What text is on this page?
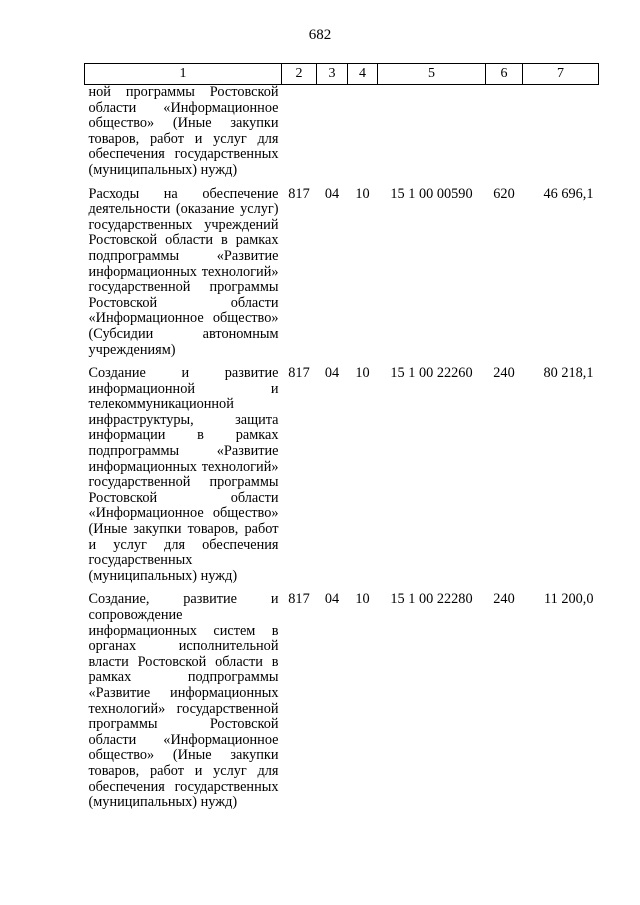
682
1	2	3	4	5	6	7
ной программы Ростовской области «Информационное общество» (Иные закупки товаров, работ и услуг для обеспечения государственных (муниципальных) нужд)						
Расходы на обеспечение деятельности (оказание услуг) государственных учреждений Ростовской области в рамках подпрограммы «Развитие информационных технологий» государственной программы Ростовской области «Информационное общество» (Субсидии автономным учреждениям)	817	04	10	15 1 00 00590	620	46 696,1
Создание и развитие информационной и телекоммуникационной инфраструктуры, защита информации в рамках подпрограммы «Развитие информационных технологий» государственной программы Ростовской области «Информационное общество» (Иные закупки товаров, работ и услуг для обеспечения государственных (муниципальных) нужд)	817	04	10	15 1 00 22260	240	80 218,1
Создание, развитие и сопровождение информационных систем в органах исполнительной власти Ростовской области в рамках подпрограммы «Развитие информационных технологий» государственной программы Ростовской области «Информационное общество» (Иные закупки товаров, работ и услуг для обеспечения государственных (муниципальных) нужд)	817	04	10	15 1 00 22280	240	11 200,0
